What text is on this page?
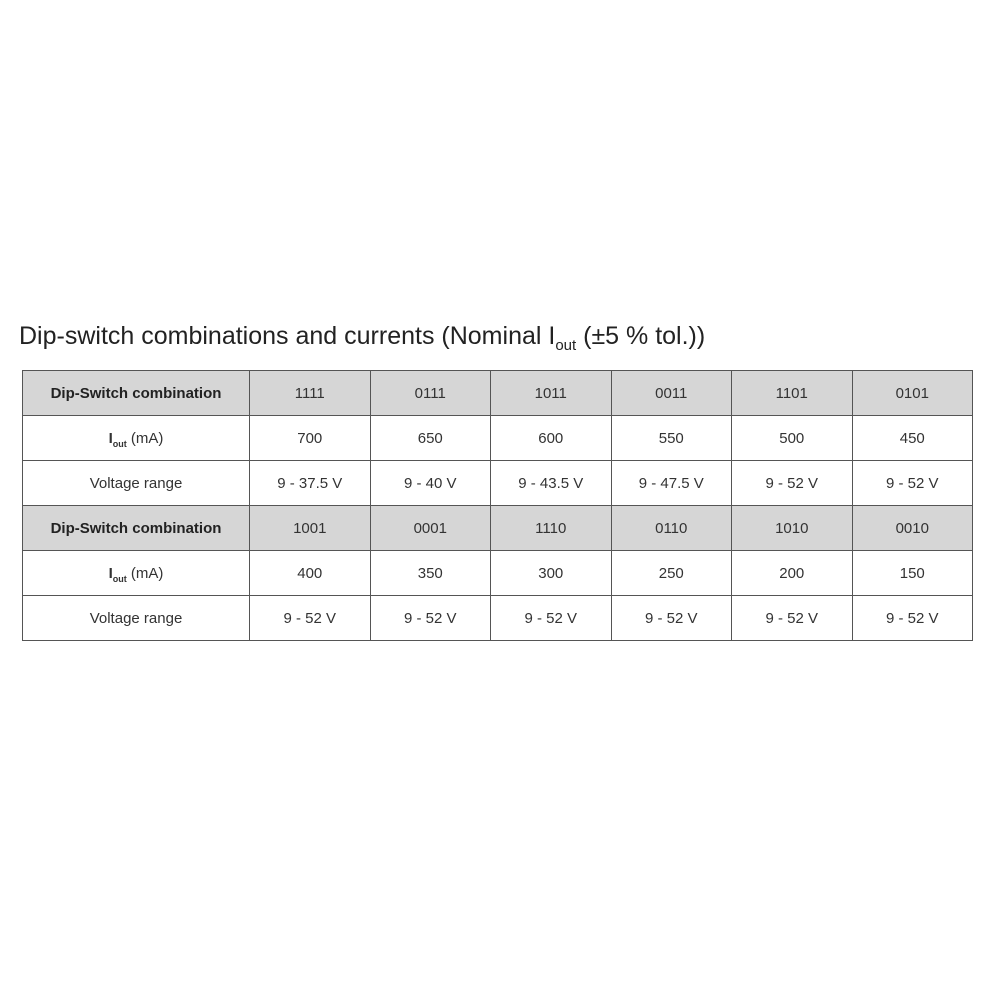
Dip-switch combinations and currents (Nominal $I_{out}$ (±5 % tol.))
Dip-Switch combination	1111	0111	1011	0011	1101	0101
$I_{out}$ (mA)	700	650	600	550	500	450
Voltage range	9 - 37.5 V	9 - 40 V	9 - 43.5 V	9 - 47.5 V	9 - 52 V	9 - 52 V
Dip-Switch combination	1001	0001	1110	0110	1010	0010
$I_{out}$ (mA)	400	350	300	250	200	150
Voltage range	9 - 52 V	9 - 52 V	9 - 52 V	9 - 52 V	9 - 52 V	9 - 52 V
